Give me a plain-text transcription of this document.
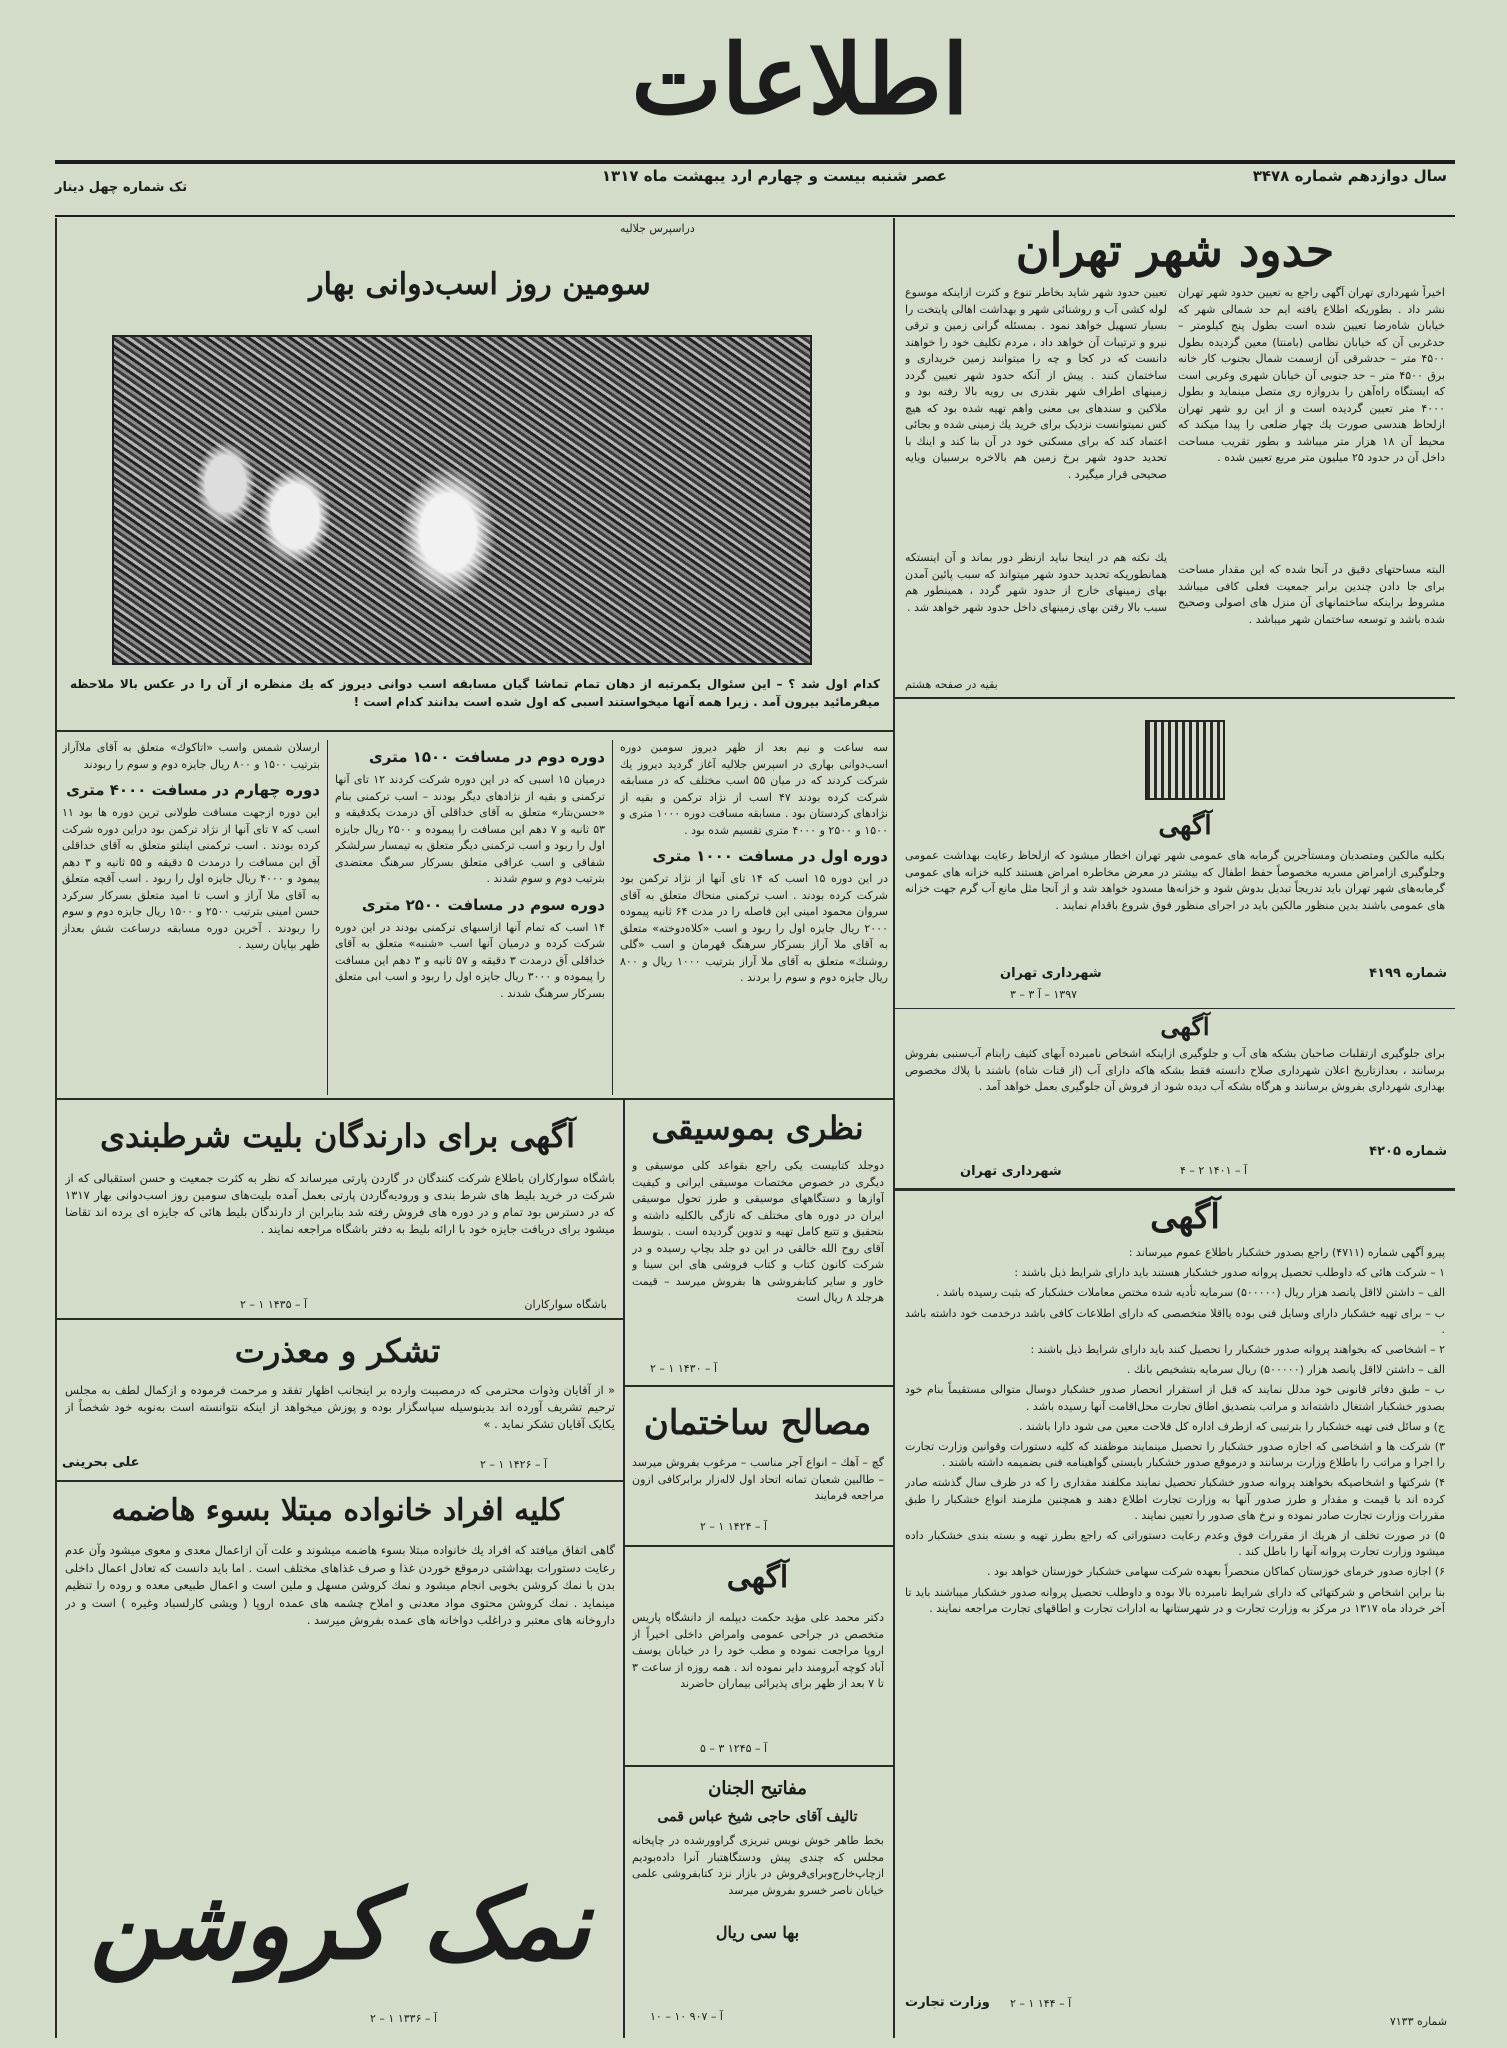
اطلاعات
سال دوازدهم شماره ۳۴۷۸
عصر شنبه بیست و چهارم ارد یبهشت ماه ۱۳۱۷
تک شماره چهل دینار
حدود شهر تهران

اخیراً شهرداری تهران آگهی راجع به تعیین حدود شهر تهران نشر داد . بطوریکه اطلاع یافته ایم حد شمالی شهر که خیابان شاه‌رضا تعیین شده است بطول پنج کیلومتر – حدغربی آن که خیابان نظامی (بامنتا) معین گردیده بطول ۴۵۰۰ متر – حدشرقی آن ازسمت شمال بجنوب کار خانه برق ۴۵۰۰ متر – حد جنوبی آن خیابان شهری وغربی است که ایستگاه راه‌آهن را بدروازه ری متصل مینماید و بطول ۴۰۰۰ متر تعیین گردیده است و از این رو شهر تهران ازلحاظ هندسی صورت یك چهار ضلعی را پیدا میکند که محیط آن ۱۸ هزار متر میباشد و بطور تقریب مساحت داخل آن در حدود ۲۵ میلیون متر مربع تعیین شده .

البته مساحتهای دقیق در آنجا شده که این مقدار مساحت برای جا دادن چندین برابر جمعیت فعلی کافی میباشد مشروط براینکه ساختمانهای آن منزل های اصولی وصحیح شده باشد و توسعه ساختمان شهر میباشد .

تعیین حدود شهر شاید بخاطر تنوع و کثرت ازاینکه موسوع لوله کشی آب و روشنائی شهر و بهداشت اهالی پایتخت را بسیار تسهیل خواهد نمود . بمسئله گرانی زمین و ترقی نیرو و ترتیبات آن خواهد داد ، مردم تکلیف خود را خواهند دانست که در کجا و چه را میتوانند زمین خریداری و ساختمان کنند . پیش از آنکه حدود شهر تعیین گردد زمینهای اطراف شهر بقدری بی رویه بالا رفته بود و ملاکین و سندهای بی معنی واهم تهیه شده بود که هیچ کس نمیتوانست نزدیک برای خرید یك زمینی شده و بجائی اعتماد کند که برای مسکنی خود در آن بنا کند و اینك با تحدید حدود شهر برخ زمین هم بالاخره برسبیان ویایه صحیحی قرار میگیرد .

یك نکته هم در اینجا نباید ازنظر دور بماند و آن اینستکه همانطوریکه تحدید حدود شهر میتواند که سبب پائین آمدن بهای زمینهای خارج از حدود شهر گردد ، همینطور هم سبب بالا رفتن بهای زمینهای داخل حدود شهر خواهد شد .

بقیه در صفحه هشتم
دراسپرس جلالیه
سومین روز اسب‌دوانی بهار

کدام اول شد ؟ – این سئوال یکمرتبه از دهان تمام تماشا گیان مسابقه اسب دوانی دیروز که یك منظره از آن را در عکس بالا ملاحظه میفرمائید بیرون آمد . زیرا همه آنها میخواستند اسبی که اول شده است بدانند کدام است !

سه ساعت و نیم بعد از ظهر دیروز سومین دوره اسب‌دوانی بهاری در اسپرس جلالیه آغاز گردید دیروز یك شرکت کردند که در میان ۵۵ اسب مختلف که در مسابقه شرکت کرده بودند ۴۷ اسب از نژاد ترکمن و بقیه از نژادهای کردستان بود . مسابقه مسافت دوره ۱۰۰۰ متری و ۱۵۰۰ و ۲۵۰۰ و ۴۰۰۰ متری تقسیم شده بود .

دوره اول در مسافت ۱۰۰۰ متری

در این دوره ۱۵ اسب که ۱۴ تای آنها از نژاد ترکمن بود شرکت کرده بودند . اسب ترکمنی منحاك متعلق به آقای سروان محمود امینی این فاصله را در مدت ۶۴ ثانیه پیموده ۲۰۰۰ ریال جایزه اول را ربود و اسب «کلاه‌دوخته» متعلق به آقای ملا آراز بسرکار سرهنگ قهرمان و اسب «گلی روشنك» متعلق به آقای ملا آراز بترتیب ۱۰۰۰ ریال و ۸۰۰ ریال جایزه دوم و سوم را بردند .

دوره دوم در مسافت ۱۵۰۰ متری

درمیان ۱۵ اسبی که در این دوره شرکت کردند ۱۲ تای آنها ترکمنی و بقیه از نژادهای دیگر بودند – اسب ترکمنی بنام «حسن‌بتار» متعلق به آقای خداقلی آق درمدت یکدقیقه و ۵۳ ثانیه و ۷ دهم این مسافت را پیموده و ۲۵۰۰ ریال جایزه اول را ربود و اسب ترکمنی دیگر متعلق به تیمسار سرلشکر شفاقی و اسب عراقی متعلق بسرکار سرهنگ معتضدی بترتیب دوم و سوم شدند .

دوره سوم در مسافت ۲۵۰۰ متری

۱۴ اسب که تمام آنها ازاسبهای ترکمنی بودند در این دوره شرکت کرده و درمیان آنها اسب «شنبه» متعلق به آقای خداقلی آق درمدت ۳ دقیقه و ۵۷ ثانیه و ۳ دهم این مسافت را پیموده و ۳۰۰۰ ریال جایزه اول را ربود و اسب ابی متعلق بسرکار سرهنگ شدند .

ارسلان شمس واسب «اتاکوك» متعلق به آقای ملاآراز بترتیب ۱۵۰۰ و ۸۰۰ ریال جایزه دوم و سوم را ربودند

دوره چهارم در مسافت ۴۰۰۰ متری

این دوره ازجهت مسافت طولانی ترین دوره ها بود ۱۱ اسب که ۷ تای آنها از نژاد ترکمن بود دراین دوره شرکت کرده بودند . اسب ترکمنی اینلتو متعلق به آقای خداقلی آق این مسافت را درمدت ۵ دقیقه و ۵۵ ثانیه و ۳ دهم پیمود و ۴۰۰۰ ریال جایزه اول را ربود . اسب آقچه متعلق به آقای ملا آراز و اسب تا امید متعلق بسرکار سرکرد حسن امینی بترتیب ۲۵۰۰ و ۱۵۰۰ ریال جایزه دوم و سوم را ربودند . آخرین دوره مسابقه درساعت شش بعداز ظهر بپایان رسید .

آگهی

بکلیه مالکین ومتصدیان ومستأجرین گرمابه های عمومی شهر تهران اخطار میشود که ازلحاظ رعایت بهداشت عمومی وجلوگیری ازامراض مسریه مخصوصاً حفظ اطفال که بیشتر در معرض مخاطره امراض هستند کلیه خزانه های عمومی گرمابه‌های شهر تهران باید تدریجاً تبدیل بدوش شود و خزانه‌ها مسدود خواهد شد و از آنجا مثل مانع آب گرم جهت خزانه های عمومی باشند بدین منظور مالکین باید در اجرای منظور فوق شروع باقدام نمایند .

شماره ۴۱۹۹
شهرداری تهران
۱۳۹۷ – آ ۳ – ۳
آگهی

برای جلوگیری ازتقلبات صاحبان بشکه های آب و جلوگیری ازاینکه اشخاص نامبرده آبهای کثیف رابنام آب‌سنبی بفروش برسانند ، بعدازتاریخ اعلان شهرداری صلاح دانسته فقط بشکه هاکه دارای آب (از قنات شاه) باشند با پلاك مخصوص بهداری شهرداری بفروش برسانند و هرگاه بشکه آب دیده شود از فروش آن جلوگیری بعمل خواهد آمد .

شماره ۴۲۰۵
شهرداری تهران	آ – ۱۴۰۱ ۲ – ۴
آگهی

پیرو آگهی شماره (۴۷۱۱) راجع بصدور خشکبار باطلاع عموم میرساند :

۱ – شرکت هائی که داوطلب تحصیل پروانه صدور خشکبار هستند باید دارای شرایط ذیل باشند :

الف – داشتن لااقل پانصد هزار ریال (۵۰۰۰۰۰) سرمایه تأدیه شده مختص معاملات خشکبار که بثبت رسیده باشد .

ب – برای تهیه خشکبار دارای وسایل فنی بوده یااقلا متخصصی که دارای اطلاعات کافی باشد درخدمت خود داشته باشد .

۲ – اشخاصی که بخواهند پروانه صدور خشکبار را تحصیل کنند باید دارای شرایط ذیل باشند :

الف – داشتن لااقل پانصد هزار (۵۰۰۰۰۰) ریال سرمایه بتشخیص بانك .

ب – طبق دفاتر قانونی خود مدلل نمایند که قبل از استقرار انحصار صدور خشکبار دوسال متوالی مستقیماً بنام خود بصدور خشکبار اشتغال داشته‌اند و مراتب بتصدیق اطاق تجارت محل‌اقامت آنها رسیده باشد .

ج) و سائل فنی تهیه خشکبار را بترتیبی که ازطرف اداره کل فلاحت معین می شود دارا باشند .

۳) شرکت ها و اشخاصی که اجازه صدور خشکبار را تحصیل مینمایند موظفند که کلیه دستورات وقوانین وزارت تجارت را اجرا و مراتب را باطلاع وزارت برسانند و درموقع صدور خشکبار بایستی گواهینامه فنی بضمیمه داشته باشند .

۴) شرکتها و اشخاصیکه بخواهند پروانه صدور خشکبار تحصیل نمایند مکلفند مقداری را که در ظرف سال گذشته صادر کرده اند با قیمت و مقدار و طرز صدور آنها به وزارت تجارت اطلاع دهند و همچنین ملزمند انواع خشکبار را طبق مقررات وزارت تجارت صادر نموده و نرخ های صدور را تعیین نمایند .

۵) در صورت تخلف از هریك از مقررات فوق وعدم رعایت دستوراتی که راجع بطرز تهیه و بسته بندی خشکبار داده میشود وزارت تجارت پروانه آنها را باطل کند .

۶) اجازه صدور خرمای خوزستان کماکان منحصراً بعهده شرکت سهامی خشکبار خوزستان خواهد بود .

بنا براین اشخاص و شرکتهائی که دارای شرایط نامبرده بالا بوده و داوطلب تحصیل پروانه صدور خشکبار میباشند باید تا آخر خرداد ماه ۱۳۱۷ در مرکز به وزارت تجارت و در شهرستانها به ادارات تجارت و اطاقهای تجارت مراجعه نمایند .

شماره ۷۱۳۳
وزارت تجارت آ – ۱۴۴ ۱ – ۲
نظری بموسیقی

دوجلد کتابیست یکی راجع بقواعد کلی موسیقی و دیگری در خصوص مختصات موسیقی ایرانی و کیفیت آوازها و دستگاههای موسیقی و طرز تحول موسیقی ایران در دوره های مختلف که تازگی بالکلیه داشته و بتحقیق و تتبع کامل تهیه و تدوین گردیده است . بتوسط آقای روح الله خالقی در این دو جلد بچاپ رسیده و در شرکت کانون کتاب و کتاب فروشی های ابن سینا و خاور و سایر کتابفروشی ها بفروش میرسد – قیمت هرجلد ۸ ریال است

آ – ۱۴۳۰ ۱ – ۲
مصالح ساختمان

گچ – آهك – انواع آجر مناسب – مرغوب بفروش میرسد – طالبین شعبان تمانه اتحاد اول لاله‌زار برابرکافی ازون مراجعه فرمایند

آ – ۱۴۲۴ ۱ – ۲
آگهی

دکتر محمد علی مؤید حکمت دیپلمه از دانشگاه پاریس متخصص در جراحی عمومی وامراض داخلی اخیراً از اروپا مراجعت نموده و مطب خود را در خیابان یوسف آباد کوچه آبرومند دایر نموده اند . همه روزه از ساعت ۳ تا ۷ بعد از ظهر برای پذیرائی بیماران حاضرند

آ – ۱۲۴۵ ۳ – ۵
مفاتیح الجنان
تالیف آقای حاجی شیخ عباس قمی

بخط طاهر خوش نویس تبریزی گراوورشده در چاپخانه مجلس که چندی پیش ودستگاهتبار آنرا داده‌بودیم ازچاپ‌خارج‌وبرای‌فروش در بازار نزد کتابفروشی علمی خیابان ناصر خسرو بفروش میرسد

بها سی ریال
آ – ۹۰۷ ۱۰ – ۱۰
آگهی برای دارندگان بلیت شرطبندی

باشگاه سوارکاران باطلاع شرکت کنندگان در گاردن پارتی میرساند که نظر به کثرت جمعیت و حسن استقبالی که از شرکت در خرید بلیط های شرط بندی و ورودیه‌گاردن پارتی بعمل آمده بلیت‌های سومین روز اسب‌دوانی بهار ۱۳۱۷ که در دسترس بود تمام و در دوره های فروش رفته شد بنابراین از دارندگان بلیط هائی که جایزه ای برده اند تقاضا میشود برای دریافت جایزه خود با ارائه بلیط به دفتر باشگاه مراجعه نمایند .

باشگاه سوارکاران
آ – ۱۴۳۵ ۱ – ۲
تشکر و معذرت

« از آقایان وذوات محترمی که درمصیبت وارده بر اینجانب اظهار تفقد و مرحمت فرموده و ازکمال لطف به مجلس ترحیم تشریف آورده اند بدینوسیله سپاسگزار بوده و پوزش میخواهد از اینکه نتوانسته است به‌نوبه خود شخصاً از یکایک آقایان تشکر نماید . »

علی بحرینی	آ – ۱۴۲۶ ۱ – ۲
کلیه افراد خانواده مبتلا بسوء هاضمه

گاهی اتفاق میافتد که افراد یك خانواده مبتلا بسوء هاضمه میشوند و علت آن ازاعمال معدی و معوی میشود وآن عدم رعایت دستورات بهداشتی درموقع خوردن غذا و صرف غذاهای مختلف است . اما باید دانست که تعادل اعمال داخلی بدن با نمك کروشن بخوبی انجام میشود و نمك کروشن مسهل و ملین است و اعمال طبیعی معده و روده را تنظیم مینماید . نمك کروشن محتوی مواد معدنی و املاح چشمه های عمده اروپا ( ویشی کارلسباد وغیره ) است و در داروخانه های معتبر و دراغلب دواخانه های عمده بفروش میرسد .

نمک کروشن
آ – ۱۳۳۶ ۱ – ۲
